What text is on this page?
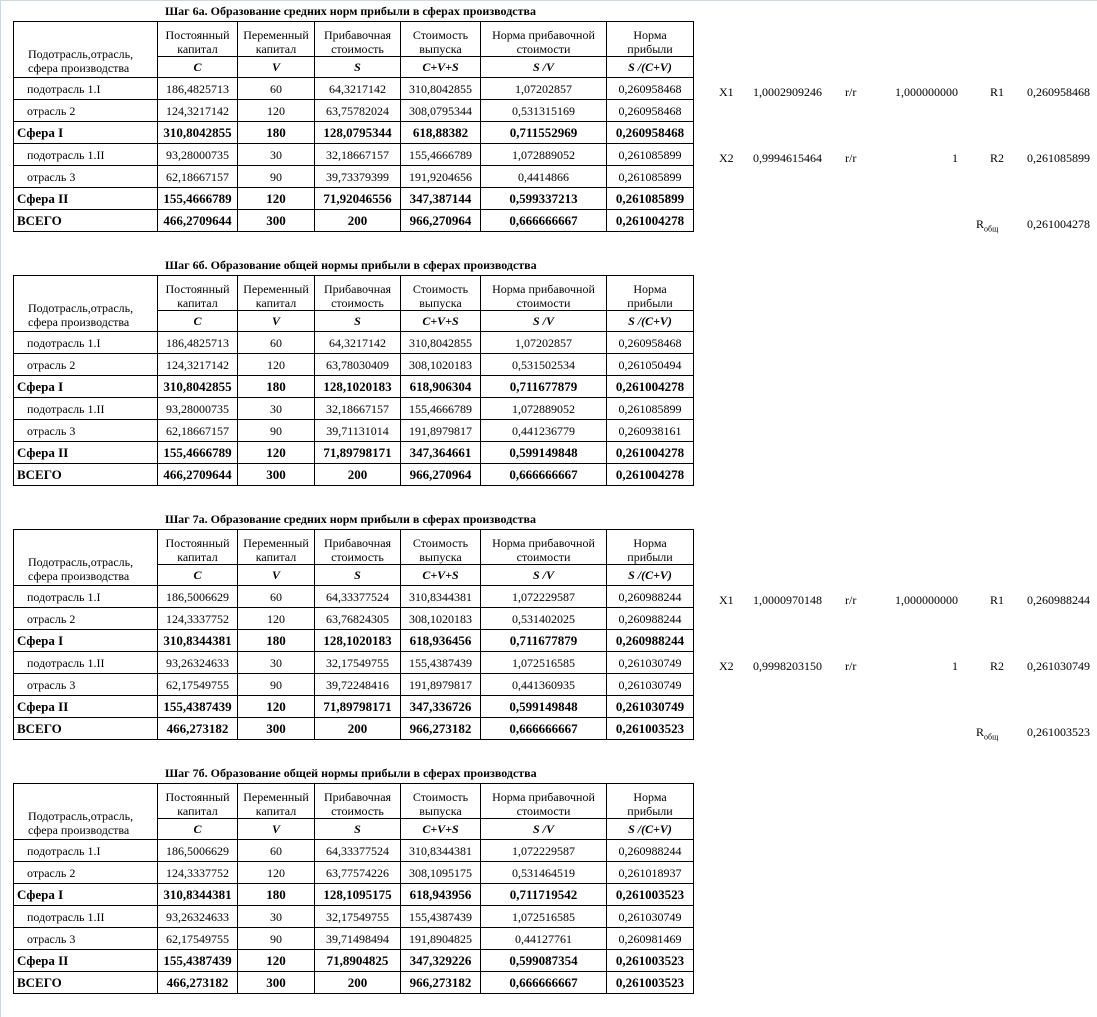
Шаг 6а. Образование средних норм прибыли в сферах производства
Подотрасль,отрасль, сфера производства	Постоянный капитал	Переменный капитал	Прибавочная стоимость	Стоимость выпуска	Норма прибавочной стоимости	Норма прибыли
	C	V	S	C+V+S	S /V	S /(C+V)
подотрасль 1.I	186,4825713	60	64,3217142	310,8042855	1,07202857	0,260958468
отрасль 2	124,3217142	120	63,75782024	308,0795344	0,531315169	0,260958468
Сфера I	310,8042855	180	128,0795344	618,88382	0,711552969	0,260958468
подотрасль 1.II	93,28000735	30	32,18667157	155,4666789	1,072889052	0,261085899
отрасль 3	62,18667157	90	39,73379399	191,9204656	0,4414866	0,261085899
Сфера II	155,4666789	120	71,92046556	347,387144	0,599337213	0,261085899
ВСЕГО	466,2709644	300	200	966,270964	0,666666667	0,261004278
X1	1,0002909246 r/r	1,000000000	R1	0,260958468
X2	0,9994615464 r/r	1	R2	0,261085899
$R_{общ}$	0,261004278
Шаг 6б. Образование общей нормы прибыли в сферах производства
Подотрасль,отрасль, сфера производства	Постоянный капитал	Переменный капитал	Прибавочная стоимость	Стоимость выпуска	Норма прибавочной стоимости	Норма прибыли
	C	V	S	C+V+S	S /V	S /(C+V)
подотрасль 1.I	186,4825713	60	64,3217142	310,8042855	1,07202857	0,260958468
отрасль 2	124,3217142	120	63,78030409	308,1020183	0,531502534	0,261050494
Сфера I	310,8042855	180	128,1020183	618,906304	0,711677879	0,261004278
подотрасль 1.II	93,28000735	30	32,18667157	155,4666789	1,072889052	0,261085899
отрасль 3	62,18667157	90	39,71131014	191,8979817	0,441236779	0,260938161
Сфера II	155,4666789	120	71,89798171	347,364661	0,599149848	0,261004278
ВСЕГО	466,2709644	300	200	966,270964	0,666666667	0,261004278
Шаг 7а. Образование средних норм прибыли в сферах производства
Подотрасль,отрасль, сфера производства	Постоянный капитал	Переменный капитал	Прибавочная стоимость	Стоимость выпуска	Норма прибавочной стоимости	Норма прибыли
	C	V	S	C+V+S	S /V	S /(C+V)
подотрасль 1.I	186,5006629	60	64,33377524	310,8344381	1,072229587	0,260988244
отрасль 2	124,3337752	120	63,76824305	308,1020183	0,531402025	0,260988244
Сфера I	310,8344381	180	128,1020183	618,936456	0,711677879	0,260988244
подотрасль 1.II	93,26324633	30	32,17549755	155,4387439	1,072516585	0,261030749
отрасль 3	62,17549755	90	39,72248416	191,8979817	0,441360935	0,261030749
Сфера II	155,4387439	120	71,89798171	347,336726	0,599149848	0,261030749
ВСЕГО	466,273182	300	200	966,273182	0,666666667	0,261003523
X1	1,0000970148 r/r	1,000000000	R1	0,260988244
X2	0,9998203150 r/r	1	R2	0,261030749
$R_{общ}$	0,261003523
Шаг 7б. Образование общей нормы прибыли в сферах производства
Подотрасль,отрасль, сфера производства	Постоянный капитал	Переменный капитал	Прибавочная стоимость	Стоимость выпуска	Норма прибавочной стоимости	Норма прибыли
	C	V	S	C+V+S	S /V	S /(C+V)
подотрасль 1.I	186,5006629	60	64,33377524	310,8344381	1,072229587	0,260988244
отрасль 2	124,3337752	120	63,77574226	308,1095175	0,531464519	0,261018937
Сфера I	310,8344381	180	128,1095175	618,943956	0,711719542	0,261003523
подотрасль 1.II	93,26324633	30	32,17549755	155,4387439	1,072516585	0,261030749
отрасль 3	62,17549755	90	39,71498494	191,8904825	0,44127761	0,260981469
Сфера II	155,4387439	120	71,8904825	347,329226	0,599087354	0,261003523
ВСЕГО	466,273182	300	200	966,273182	0,666666667	0,261003523
